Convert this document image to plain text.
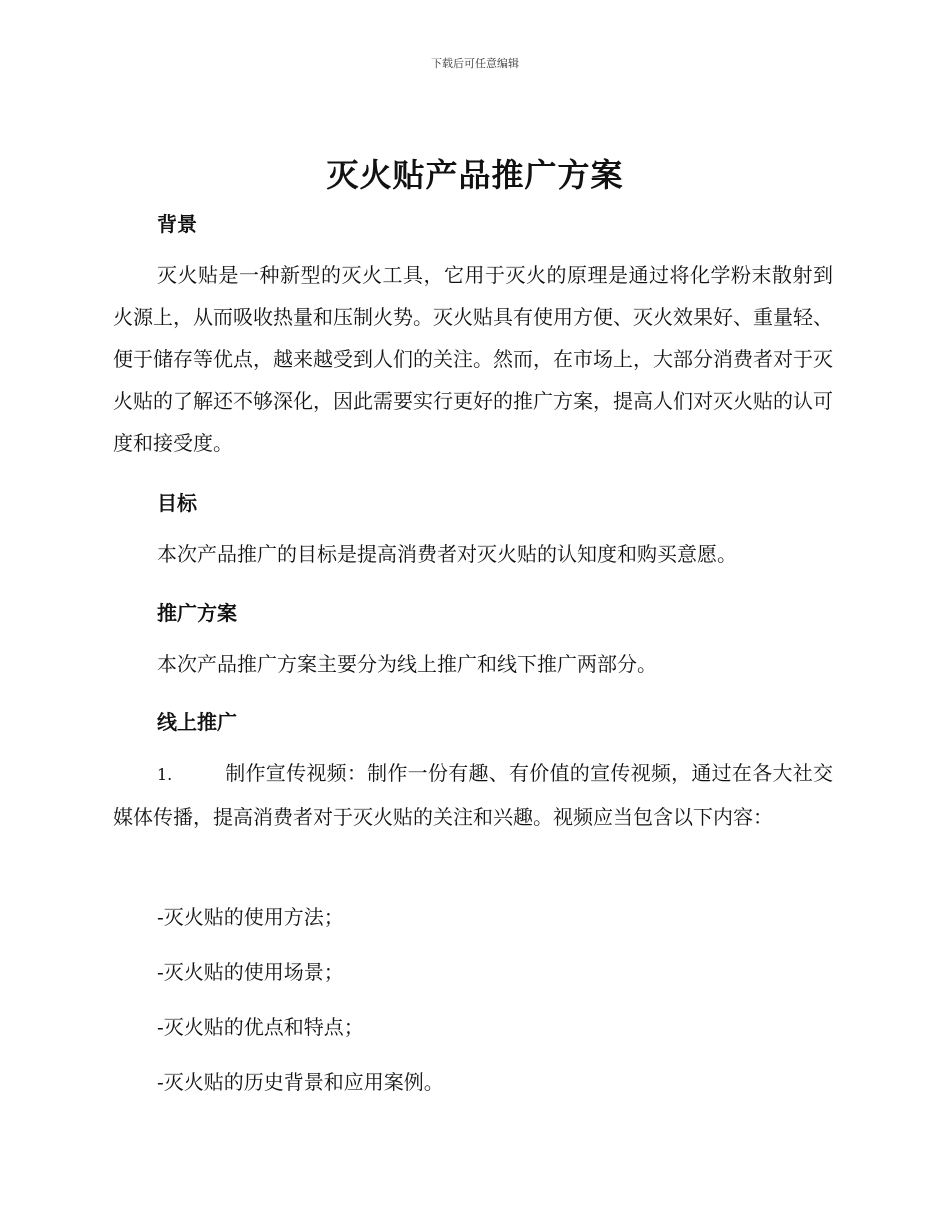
下载后可任意编辑
灭火贴产品推广方案
背景
灭火贴是一种新型的灭火工具，它用于灭火的原理是通过将化学粉末散射到火源上，从而吸收热量和压制火势。灭火贴具有使用方便、灭火效果好、重量轻、便于储存等优点，越来越受到人们的关注。然而，在市场上，大部分消费者对于灭火贴的了解还不够深化，因此需要实行更好的推广方案，提高人们对灭火贴的认可度和接受度。
目标
本次产品推广的目标是提高消费者对灭火贴的认知度和购买意愿。
推广方案
本次产品推广方案主要分为线上推广和线下推广两部分。
线上推广
1.	制作宣传视频：制作一份有趣、有价值的宣传视频，通过在各大社交媒体传播，提高消费者对于灭火贴的关注和兴趣。视频应当包含以下内容：
-灭火贴的使用方法；
-灭火贴的使用场景；
-灭火贴的优点和特点；
-灭火贴的历史背景和应用案例。
